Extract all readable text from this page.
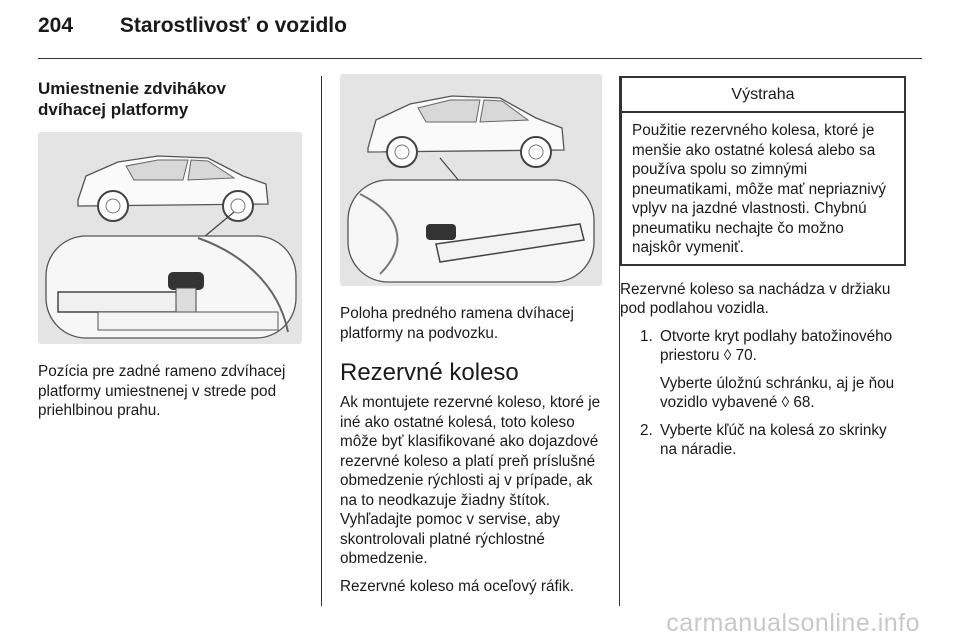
204 Starostlivosť o vozidlo
Umiestnenie zdvihákov
dvíhacej platformy

Pozícia pre zadné rameno zdvíhacej platformy umiestnenej v strede pod priehlbinou prahu.

Poloha predného ramena dvíhacej platformy na podvozku.

Rezervné koleso

Ak montujete rezervné koleso, ktoré je iné ako ostatné kolesá, toto koleso môže byť klasifikované ako dojazdové rezervné koleso a platí preň príslušné obmedzenie rýchlosti aj v prípade, ak na to neodkazuje žiadny štítok. Vyhľadajte pomoc v servise, aby skontrolovali platné rýchlostné obmedzenie.

Rezervné koleso má oceľový ráfik.

Výstraha
Použitie rezervného kolesa, ktoré je menšie ako ostatné kolesá alebo sa používa spolu so zimnými pneumatikami, môže mať nepriaznivý vplyv na jazdné vlastnosti. Chybnú pneumatiku nechajte čo možno najskôr vymeniť.

Rezervné koleso sa nachádza v držiaku pod podlahou vozidla.

1. Otvorte kryt podlahy batožinového priestoru ◊ 70.

Vyberte úložnú schránku, aj je ňou vozidlo vybavené ◊ 68.

2. Vyberte kľúč na kolesá zo skrinky na náradie.
carmanualsonline.info
